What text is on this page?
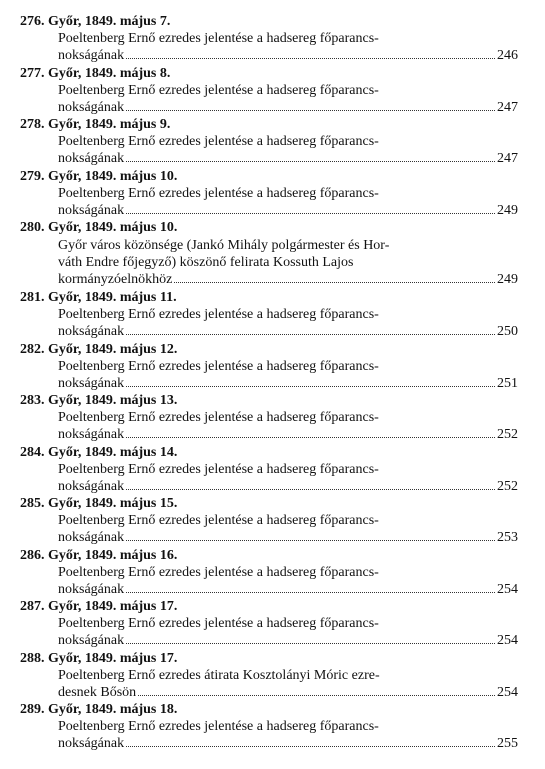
276. Győr, 1849. május 7.
Poeltenberg Ernő ezredes jelentése a hadsereg főparancs-
nokságának	246
277. Győr, 1849. május 8.
Poeltenberg Ernő ezredes jelentése a hadsereg főparancs-
nokságának	247
278. Győr, 1849. május 9.
Poeltenberg Ernő ezredes jelentése a hadsereg főparancs-
nokságának	247
279. Győr, 1849. május 10.
Poeltenberg Ernő ezredes jelentése a hadsereg főparancs-
nokságának	249
280. Győr, 1849. május 10.
Győr város közönsége (Jankó Mihály polgármester és Hor-
váth Endre főjegyző) köszönő felirata Kossuth Lajos
kormányzóelnökhöz	249
281. Győr, 1849. május 11.
Poeltenberg Ernő ezredes jelentése a hadsereg főparancs-
nokságának	250
282. Győr, 1849. május 12.
Poeltenberg Ernő ezredes jelentése a hadsereg főparancs-
nokságának	251
283. Győr, 1849. május 13.
Poeltenberg Ernő ezredes jelentése a hadsereg főparancs-
nokságának	252
284. Győr, 1849. május 14.
Poeltenberg Ernő ezredes jelentése a hadsereg főparancs-
nokságának	252
285. Győr, 1849. május 15.
Poeltenberg Ernő ezredes jelentése a hadsereg főparancs-
nokságának	253
286. Győr, 1849. május 16.
Poeltenberg Ernő ezredes jelentése a hadsereg főparancs-
nokságának	254
287. Győr, 1849. május 17.
Poeltenberg Ernő ezredes jelentése a hadsereg főparancs-
nokságának	254
288. Győr, 1849. május 17.
Poeltenberg Ernő ezredes átirata Kosztolányi Móric ezre-
desnek Bősön	254
289. Győr, 1849. május 18.
Poeltenberg Ernő ezredes jelentése a hadsereg főparancs-
nokságának	255
